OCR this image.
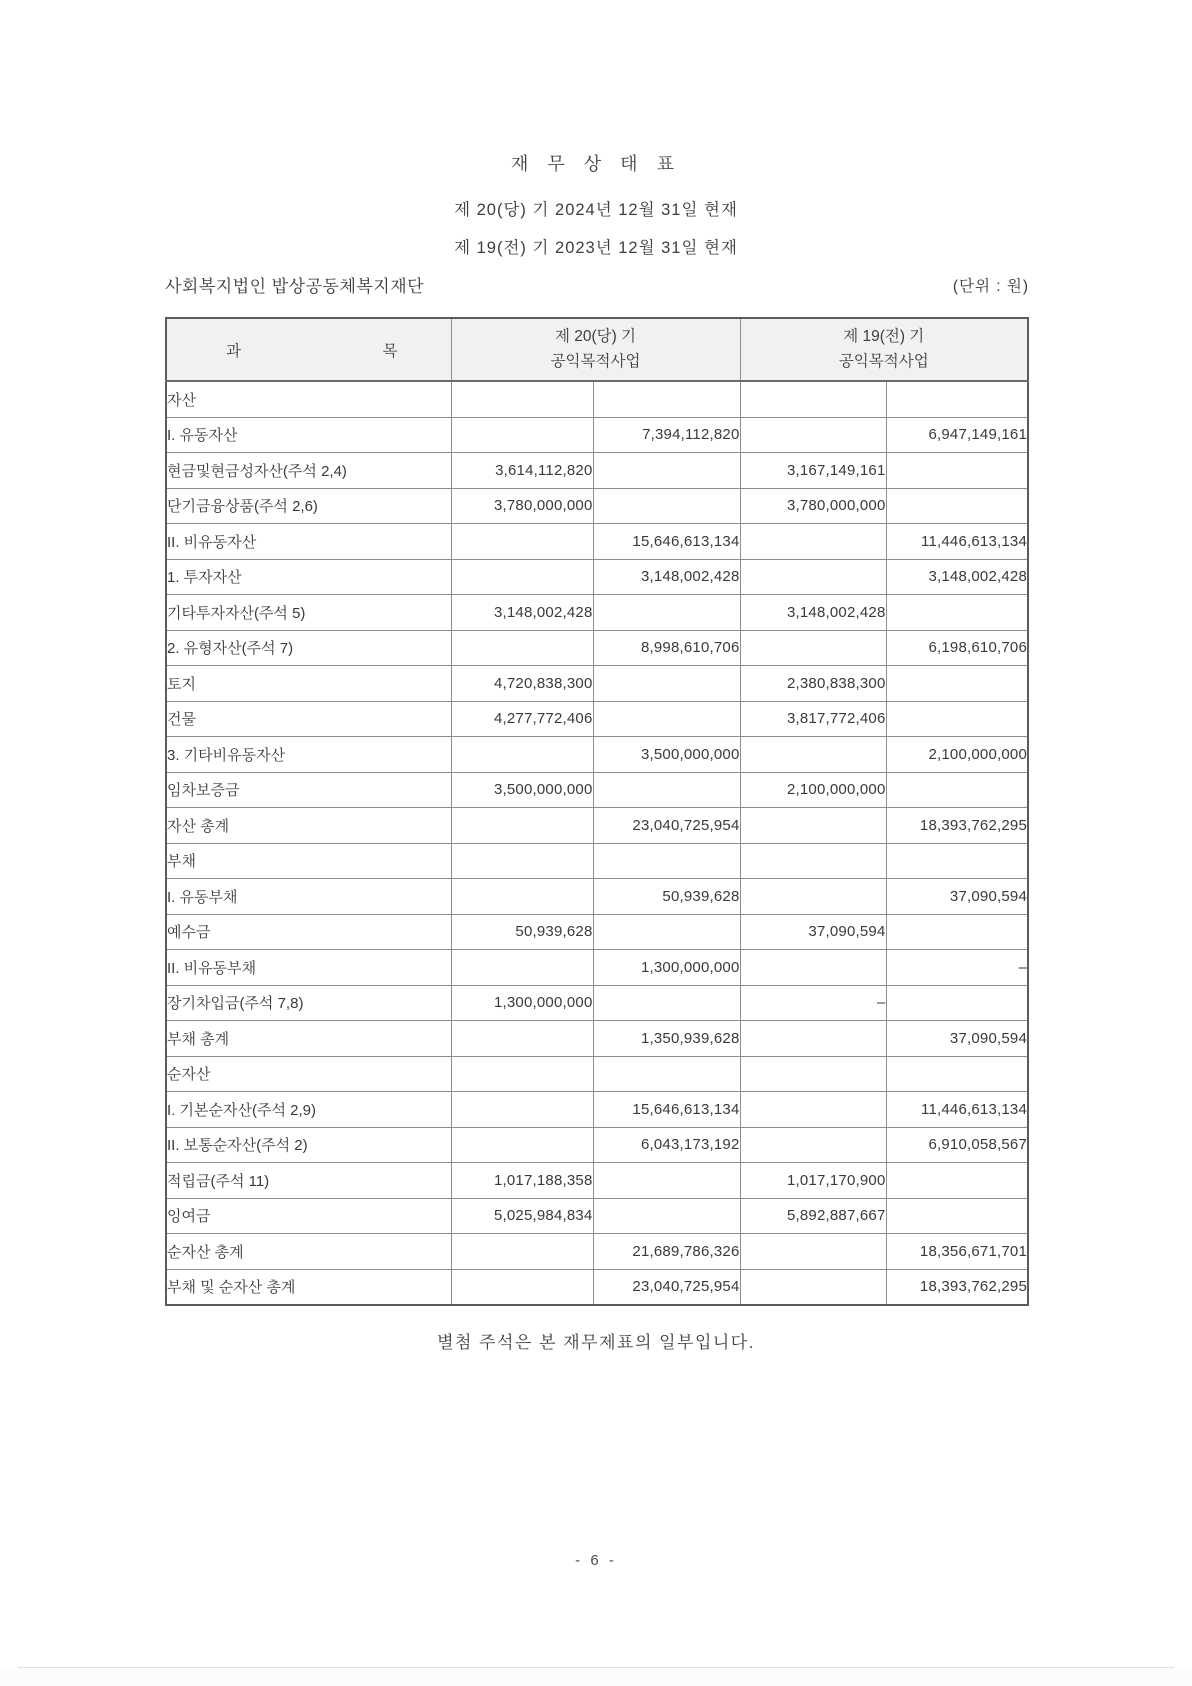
재 무 상 태 표
제 20(당) 기 2024년 12월 31일 현재
제 19(전) 기 2023년 12월 31일 현재
사회복지법인 밥상공동체복지재단	(단위 : 원)
과	목

제 20(당) 기
공익목적사업

제 19(전) 기
공익목적사업

자산				
I. 유동자산		7,394,112,820		6,947,149,161
현금및현금성자산(주석 2,4)	3,614,112,820		3,167,149,161	
단기금융상품(주석 2,6)	3,780,000,000		3,780,000,000	
II. 비유동자산		15,646,613,134		11,446,613,134
1. 투자자산		3,148,002,428		3,148,002,428
기타투자자산(주석 5)	3,148,002,428		3,148,002,428	
2. 유형자산(주석 7)		8,998,610,706		6,198,610,706
토지	4,720,838,300		2,380,838,300	
건물	4,277,772,406		3,817,772,406	
3. 기타비유동자산		3,500,000,000		2,100,000,000
임차보증금	3,500,000,000		2,100,000,000	
자산 총계		23,040,725,954		18,393,762,295
부채				
I. 유동부채		50,939,628		37,090,594
예수금	50,939,628		37,090,594	
II. 비유동부채		1,300,000,000		–
장기차입금(주석 7,8)	1,300,000,000		–	
부채 총계		1,350,939,628		37,090,594
순자산				
I. 기본순자산(주석 2,9)		15,646,613,134		11,446,613,134
II. 보통순자산(주석 2)		6,043,173,192		6,910,058,567
적립금(주석 11)	1,017,188,358		1,017,170,900	
잉여금	5,025,984,834		5,892,887,667	
순자산 총계		21,689,786,326		18,356,671,701
부채 및 순자산 총계		23,040,725,954		18,393,762,295
별첨 주석은 본 재무제표의 일부입니다.
- 6 -
